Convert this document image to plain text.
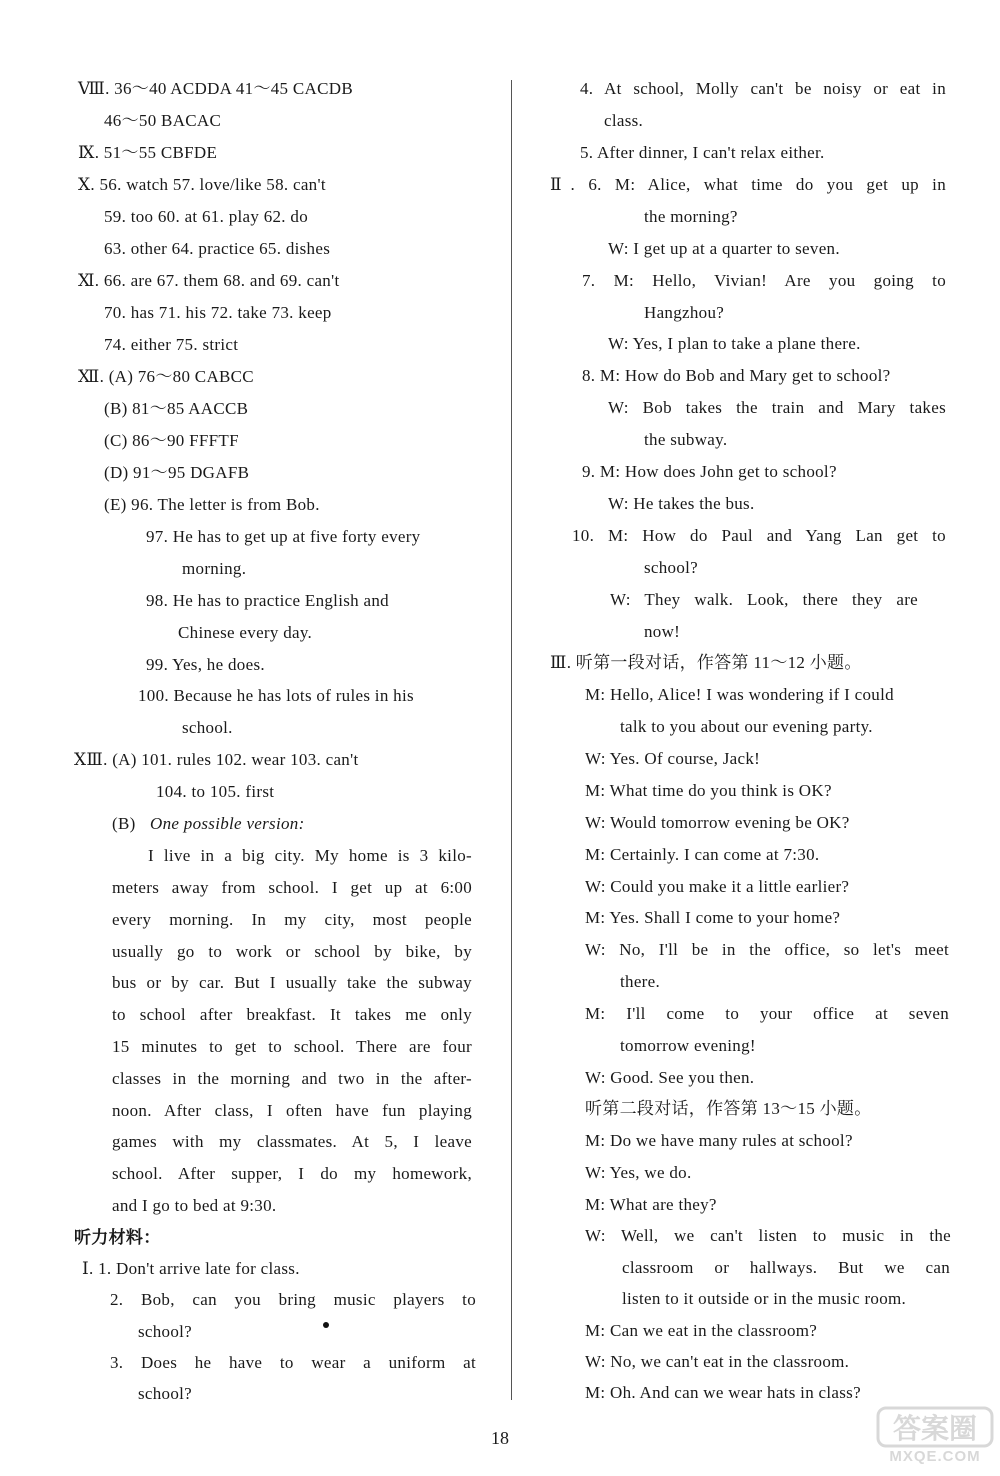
Ⅷ. 36～40 ACDDA 41～45 CACDB
46～50 BACAC
Ⅸ. 51～55 CBFDE
Ⅹ. 56. watch 57. love/like 58. can't
59. too 60. at 61. play 62. do
63. other 64. practice 65. dishes
Ⅺ. 66. are 67. them 68. and 69. can't
70. has 71. his 72. take 73. keep
74. either 75. strict
Ⅻ. (A) 76～80 CABCC
(B) 81～85 AACCB
(C) 86～90 FFFTF
(D) 91～95 DGAFB
(E) 96. The letter is from Bob.
97. He has to get up at five forty every
morning.
98. He has to practice English and
Chinese every day.
99. Yes, he does.
100. Because he has lots of rules in his
school.
ⅩⅢ. (A) 101. rules 102. wear 103. can't
104. to 105. first
(B) One possible version:
I live in a big city. My home is 3 kilo-
meters away from school. I get up at 6:00
every morning. In my city, most people
usually go to work or school by bike, by
bus or by car. But I usually take the subway
to school after breakfast. It takes me only
15 minutes to get to school. There are four
classes in the morning and two in the after-
noon. After class, I often have fun playing
games with my classmates. At 5, I leave
school. After supper, I do my homework,
and I go to bed at 9:30.
听力材料：
Ⅰ. 1. Don't arrive late for class.
2. Bob, can you bring music players to
school?
3. Does he have to wear a uniform at
school?
4. At school, Molly can't be noisy or eat in
class.
5. After dinner, I can't relax either.
Ⅱ. 6. M: Alice, what time do you get up in
the morning?
W: I get up at a quarter to seven.
7. M: Hello, Vivian! Are you going to
Hangzhou?
W: Yes, I plan to take a plane there.
8. M: How do Bob and Mary get to school?
W: Bob takes the train and Mary takes
the subway.
9. M: How does John get to school?
W: He takes the bus.
10. M: How do Paul and Yang Lan get to
school?
W: They walk. Look, there they are
now!
Ⅲ. 听第一段对话，作答第 11～12 小题。
M: Hello, Alice! I was wondering if I could
talk to you about our evening party.
W: Yes. Of course, Jack!
M: What time do you think is OK?
W: Would tomorrow evening be OK?
M: Certainly. I can come at 7:30.
W: Could you make it a little earlier?
M: Yes. Shall I come to your home?
W: No, I'll be in the office, so let's meet
there.
M: I'll come to your office at seven
tomorrow evening!
W: Good. See you then.
听第二段对话，作答第 13～15 小题。
M: Do we have many rules at school?
W: Yes, we do.
M: What are they?
W: Well, we can't listen to music in the
classroom or hallways. But we can
listen to it outside or in the music room.
M: Can we eat in the classroom?
W: No, we can't eat in the classroom.
M: Oh. And can we wear hats in class?
18	答案圈
MXQE.COM
